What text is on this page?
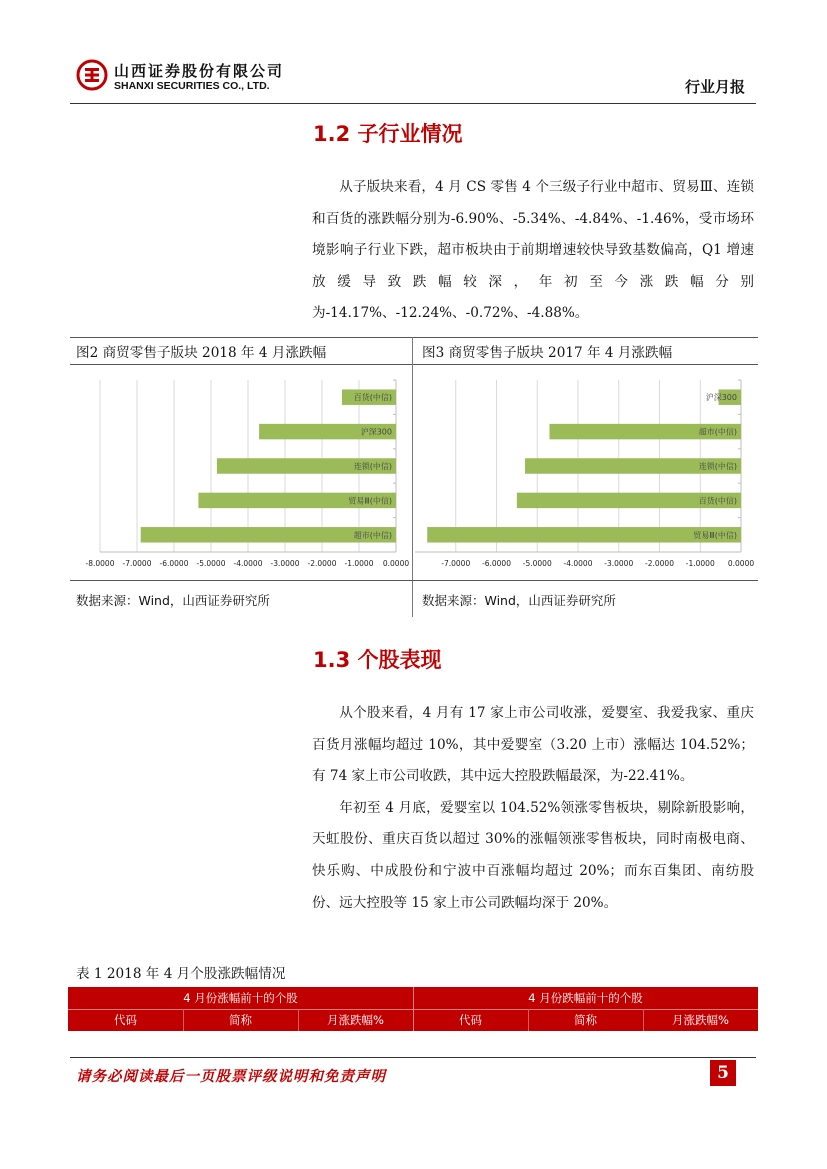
山西证券股份有限公司
SHANXI SECURITIES CO., LTD.	行业月报
1.2 子行业情况

从子版块来看，4 月 CS 零售 4 个三级子行业中超市、贸易Ⅲ、连锁和百货的涨跌幅分别为-6.90%、-5.34%、-4.84%、-1.46%，受市场环境影响子行业下跌，超市板块由于前期增速较快导致基数偏高，Q1 增速放缓导致跌幅较深，年初至今涨跌幅分别为-14.17%、-12.24%、-0.72%、-4.88%。

图2 商贸零售子版块 2018 年 4 月涨跌幅	图3 商贸零售子版块 2017 年 4 月涨跌幅
-8.0000 -7.0000 -6.0000 -5.0000 -4.0000 -3.0000 -2.0000 -1.0000 0.0000
百货(中信)
沪深300
连锁(中信)
贸易Ⅲ(中信)
超市(中信)
-7.0000 -6.0000 -5.0000 -4.0000 -3.0000 -2.0000 -1.0000 0.0000
沪深300
超市(中信)
连锁(中信)
百货(中信)
贸易Ⅲ(中信)
数据来源：Wind，山西证券研究所	数据来源：Wind，山西证券研究所
1.3 个股表现

从个股来看，4 月有 17 家上市公司收涨，爱婴室、我爱我家、重庆百货月涨幅均超过 10%，其中爱婴室（3.20 上市）涨幅达 104.52%；有 74 家上市公司收跌，其中远大控股跌幅最深，为-22.41%。

年初至 4 月底，爱婴室以 104.52%领涨零售板块，剔除新股影响，天虹股份、重庆百货以超过 30%的涨幅领涨零售板块，同时南极电商、快乐购、中成股份和宁波中百涨幅均超过 20%；而东百集团、南纺股份、远大控股等 15 家上市公司跌幅均深于 20%。

表 1 2018 年 4 月个股涨跌幅情况
4 月份涨幅前十的个股	4 月份跌幅前十的个股
代码	简称	月涨跌幅%	代码	简称	月涨跌幅%
请务必阅读最后一页股票评级说明和免责声明	5
